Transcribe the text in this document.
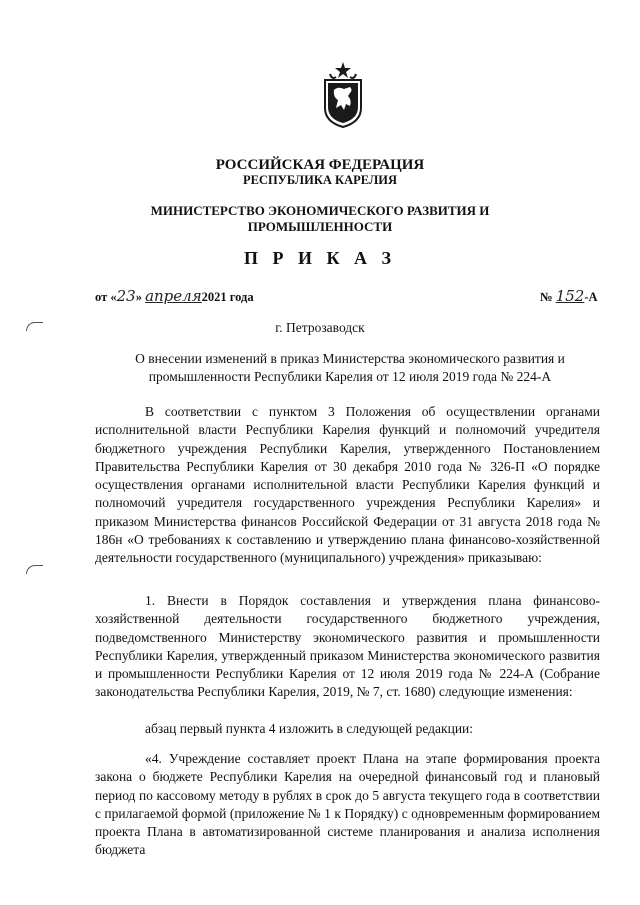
РОССИЙСКАЯ ФЕДЕРАЦИЯ
РЕСПУБЛИКА КАРЕЛИЯ
МИНИСТЕРСТВО ЭКОНОМИЧЕСКОГО РАЗВИТИЯ И ПРОМЫШЛЕННОСТИ
П Р И К А З
от «23» апреля2021 года	№ 152-А
г. Петрозаводск
О внесении изменений в приказ Министерства экономического развития и промышленности Республики Карелия от 12 июля 2019 года № 224-А
В соответствии с пунктом 3 Положения об осуществлении органами исполнительной власти Республики Карелия функций и полномочий учредителя бюджетного учреждения Республики Карелия, утвержденного Постановлением Правительства Республики Карелия от 30 декабря 2010 года № 326-П «О порядке осуществления органами исполнительной власти Республики Карелия функций и полномочий учредителя государственного учреждения Республики Карелия» и приказом Министерства финансов Российской Федерации от 31 августа 2018 года № 186н «О требованиях к составлению и утверждению плана финансово-хозяйственной деятельности государственного (муниципального) учреждения» приказываю:
1. Внести в Порядок составления и утверждения плана финансово-хозяйственной деятельности государственного бюджетного учреждения, подведомственного Министерству экономического развития и промышленности Республики Карелия, утвержденный приказом Министерства экономического развития и промышленности Республики Карелия от 12 июля 2019 года № 224-А (Собрание законодательства Республики Карелия, 2019, № 7, ст. 1680) следующие изменения:
абзац первый пункта 4 изложить в следующей редакции:
«4. Учреждение составляет проект Плана на этапе формирования проекта закона о бюджете Республики Карелия на очередной финансовый год и плановый период по кассовому методу в рублях в срок до 5 августа текущего года в соответствии с прилагаемой формой (приложение № 1 к Порядку) с одновременным формированием проекта Плана в автоматизированной системе планирования и анализа исполнения бюджета
